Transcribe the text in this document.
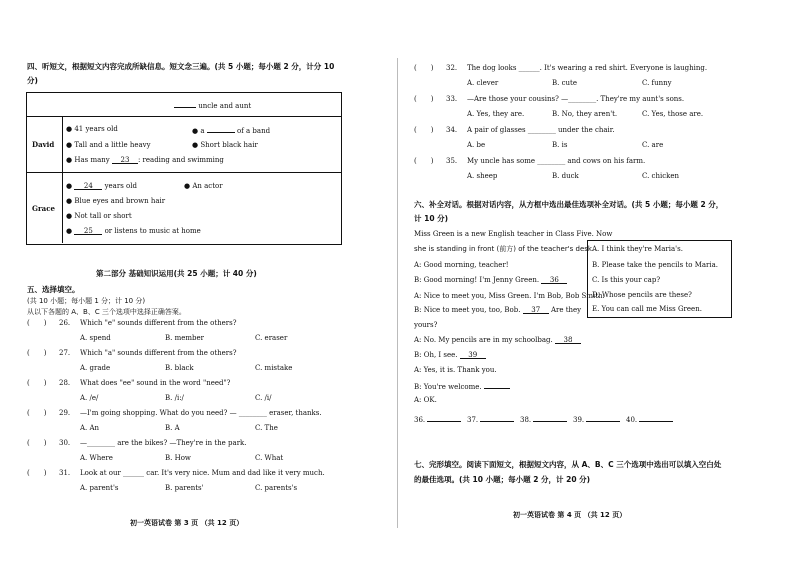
四、听短文，根据短文内容完成所缺信息。短文念三遍。(共 5 小题；每小题 2 分，计分 10
分)
uncle and aunt
David
● 41 years old	● a	of a band
● Tall and a little heavy	● Short black hair
● Has many 23 : reading and swimming
Grace
● 24 years old	● An actor
● Blue eyes and brown hair
● Not tall or short
● 25 or listens to music at home
第二部分 基础知识运用(共 25 小题；计 40 分)
五、选择填空。
(共 10 小题；每小题 1 分；计 10 分)
从以下各题的 A、B、C 三个选项中选择正确答案。
(　　) 26. Which "e" sounds different from the others?
A. spend	B. member	C. eraser
(　　) 27. Which "a" sounds different from the others?
A. grade	B. black	C. mistake
(　　) 28. What does "ee" sound in the word "need"?
A. /e/	B. /i:/	C. /i/
(　　) 29. —I'm going shopping. What do you need? — ________ eraser, thanks.
A. An	B. A	C. The
(　　) 30. —________ are the bikes? —They're in the park.
A. Where	B. How	C. What
(　　) 31. Look at our ______ car. It's very nice. Mum and dad like it very much.
A. parent's	B. parents'	C. parents's
初一英语试卷 第 3 页 （共 12 页）
(　　) 32. The dog looks ______. It's wearing a red shirt. Everyone is laughing.
A. clever	B. cute	C. funny
(　　) 33. —Are those your cousins? —________. They're my aunt's sons.
A. Yes, they are.	B. No, they aren't.	C. Yes, those are.
(　　) 34. A pair of glasses ________ under the chair.
A. be	B. is	C. are
(　　) 35. My uncle has some ________ and cows on his farm.
A. sheep	B. duck	C. chicken
六、补全对话。根据对话内容，从方框中选出最佳选项补全对话。(共 5 小题；每小题 2 分，
计 10 分)
Miss Green is a new English teacher in Class Five. Now
she is standing in front (前方) of the teacher's desk.
A: Good morning, teacher!
B: Good morning! I'm Jenny Green. 36
A: Nice to meet you, Miss Green. I'm Bob, Bob Smith.
B: Nice to meet you, too, Bob. 37 Are they
yours?
A: No. My pencils are in my schoolbag. 38
B: Oh, I see. 39
A: Yes, it is. Thank you.
B: You're welcome.
A: OK.
A. I think they're Maria's.
B. Please take the pencils to Maria.
C. Is this your cap?
D. Whose pencils are these?
E. You can call me Miss Green.
36.	37.	38.	39.	40.
七、完形填空。阅读下面短文，根据短文内容，从 A、B、C 三个选项中选出可以填入空白处
的最佳选项。(共 10 小题；每小题 2 分，计 20 分)
初一英语试卷 第 4 页 （共 12 页）
